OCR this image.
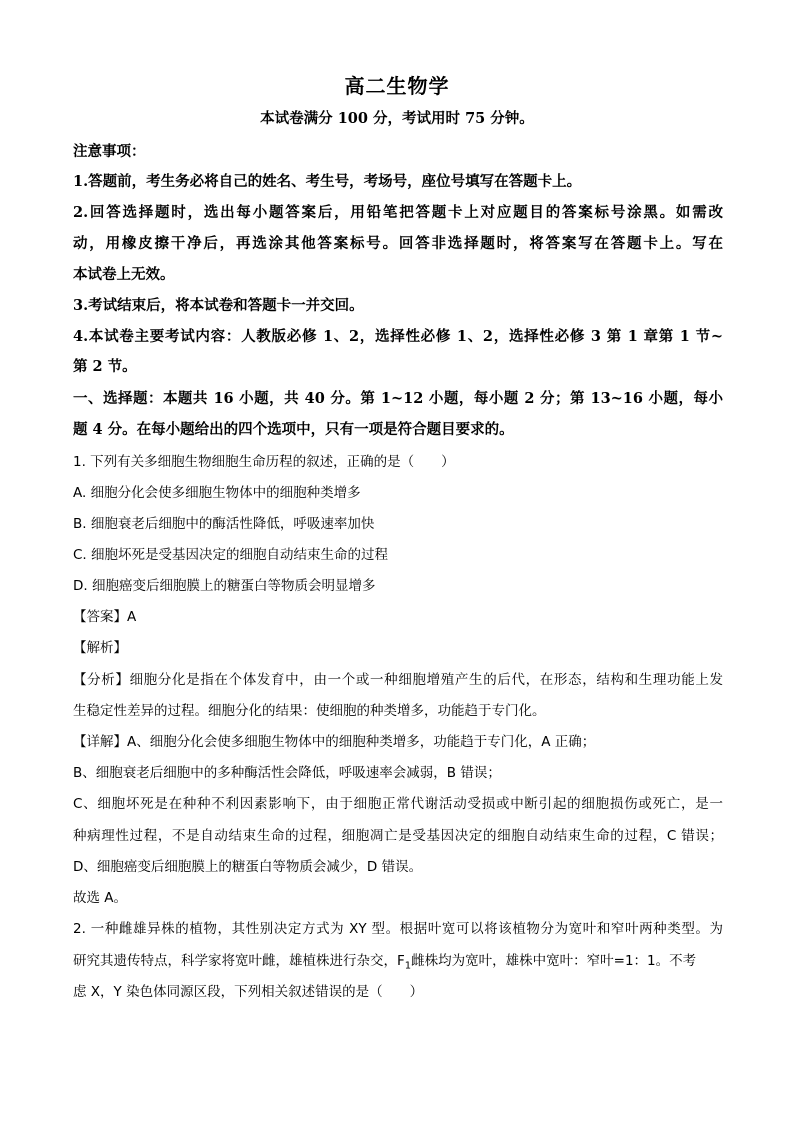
高二生物学
本试卷满分 100 分，考试用时 75 分钟。
注意事项：
1.答题前，考生务必将自己的姓名、考生号，考场号，座位号填写在答题卡上。
2.回答选择题时，选出每小题答案后，用铅笔把答题卡上对应题目的答案标号涂黑。如需改
动，用橡皮擦干净后，再选涂其他答案标号。回答非选择题时，将答案写在答题卡上。写在
本试卷上无效。
3.考试结束后，将本试卷和答题卡一并交回。
4.本试卷主要考试内容：人教版必修 1、2，选择性必修 1、2，选择性必修 3 第 1 章第 1 节~
第 2 节。
一、选择题：本题共 16 小题，共 40 分。第 1~12 小题，每小题 2 分；第 13~16 小题，每小
题 4 分。在每小题给出的四个选项中，只有一项是符合题目要求的。
1. 下列有关多细胞生物细胞生命历程的叙述，正确的是（　　）
A. 细胞分化会使多细胞生物体中的细胞种类增多
B. 细胞衰老后细胞中的酶活性降低，呼吸速率加快
C. 细胞坏死是受基因决定的细胞自动结束生命的过程
D. 细胞癌变后细胞膜上的糖蛋白等物质会明显增多
【答案】A
【解析】
【分析】细胞分化是指在个体发育中，由一个或一种细胞增殖产生的后代，在形态，结构和生理功能上发
生稳定性差异的过程。细胞分化的结果：使细胞的种类增多，功能趋于专门化。
【详解】A、细胞分化会使多细胞生物体中的细胞种类增多，功能趋于专门化，A 正确；
B、细胞衰老后细胞中的多种酶活性会降低，呼吸速率会减弱，B 错误；
C、细胞坏死是在种种不利因素影响下，由于细胞正常代谢活动受损或中断引起的细胞损伤或死亡，是一
种病理性过程，不是自动结束生命的过程，细胞凋亡是受基因决定的细胞自动结束生命的过程，C 错误；
D、细胞癌变后细胞膜上的糖蛋白等物质会减少，D 错误。
故选 A。
2. 一种雌雄异株的植物，其性别决定方式为 XY 型。根据叶宽可以将该植物分为宽叶和窄叶两种类型。为
研究其遗传特点，科学家将宽叶雌，雄植株进行杂交，$F_1$雌株均为宽叶，雄株中宽叶：窄叶=1：1。不考
虑 X，Y 染色体同源区段，下列相关叙述错误的是（　　）
